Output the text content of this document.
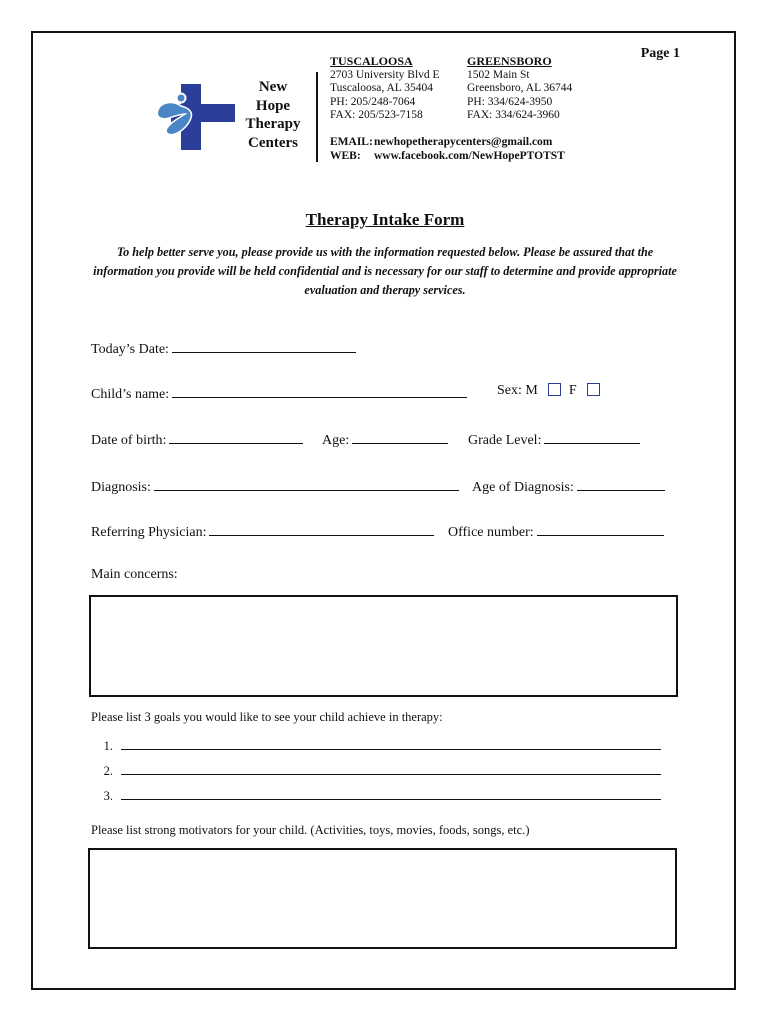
Page 1
New
Hope
Therapy
Centers
TUSCALOOSA
2703 University Blvd E
Tuscaloosa, AL 35404
PH: 205/248-7064
FAX: 205/523-7158
GREENSBORO
1502 Main St
Greensboro, AL 36744
PH: 334/624-3950
FAX: 334/624-3960
EMAIL:newhopetherapycenters@gmail.com
WEB: www.facebook.com/NewHopePTOTST
Therapy Intake Form
To help better serve you, please provide us with the information requested below. Please be assured that the information you provide will be held confidential and is necessary for our staff to determine and provide appropriate evaluation and therapy services.
Today’s Date:
Child’s name:	Sex: M F
Date of birth:	Age:	Grade Level:
Diagnosis:	Age of Diagnosis:
Referring Physician:	Office number:
Main concerns:
Please list 3 goals you would like to see your child achieve in therapy:
1.
2.
3.
Please list strong motivators for your child. (Activities, toys, movies, foods, songs, etc.)
